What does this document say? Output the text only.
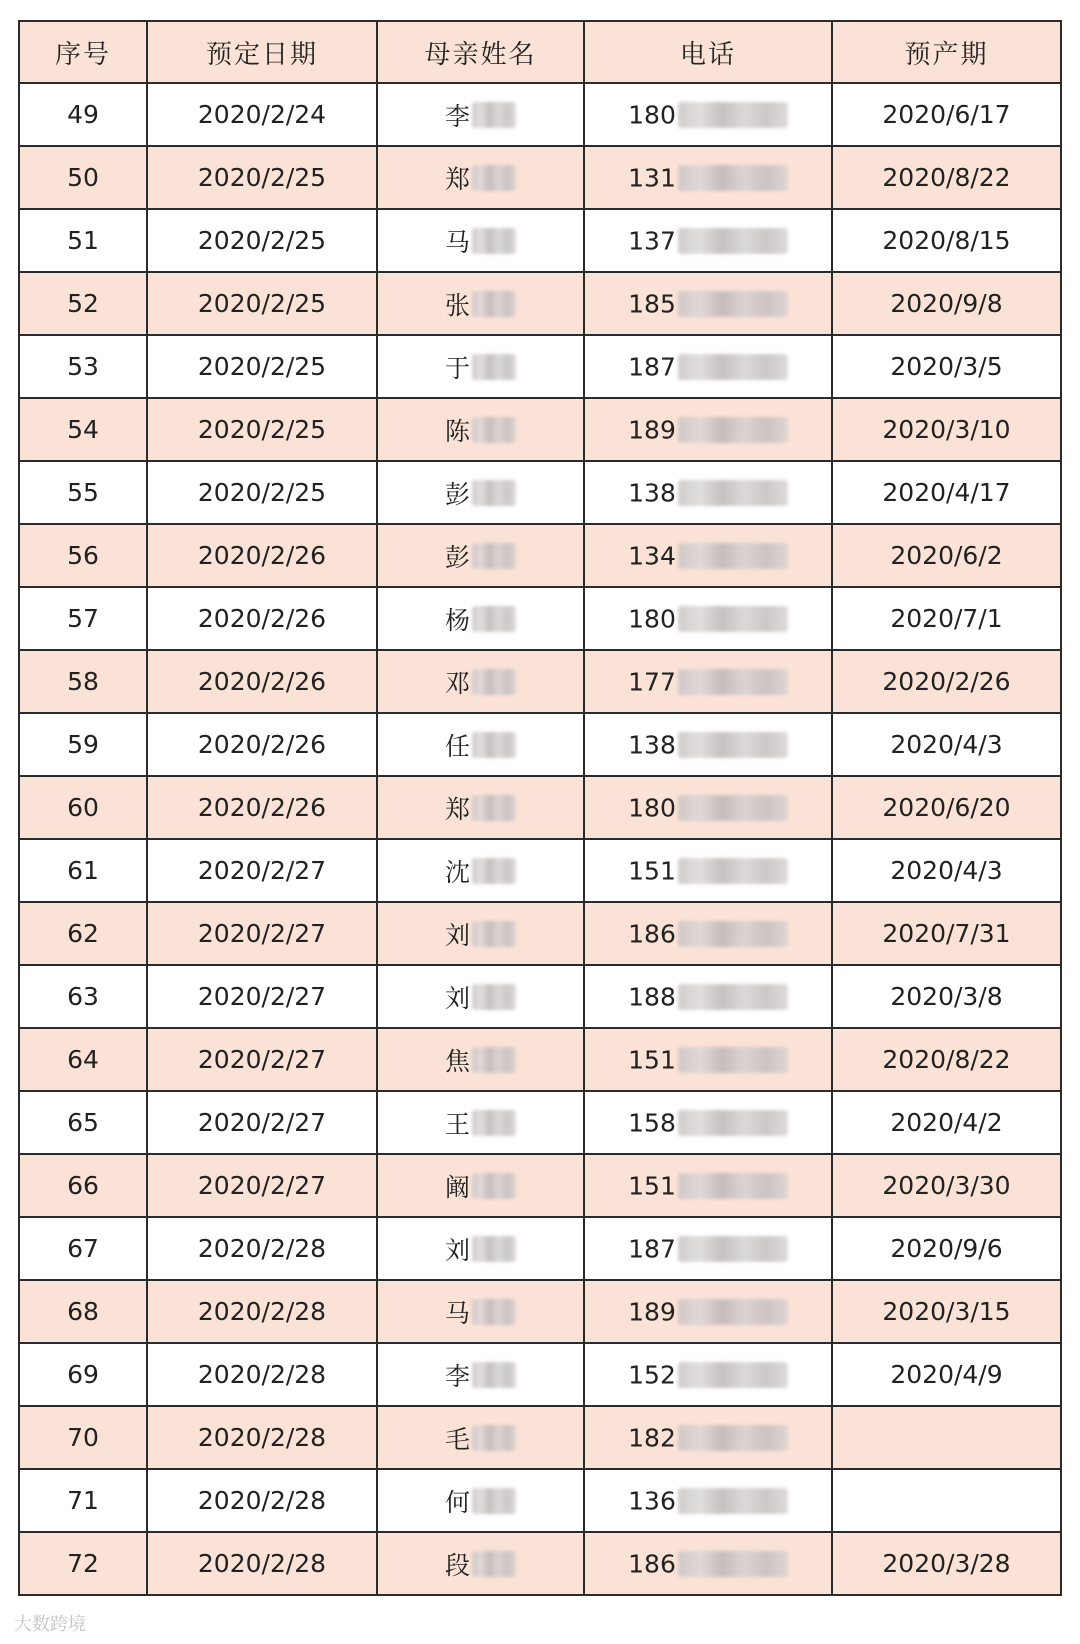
序号	预定日期	母亲姓名	电话	预产期
49	2020/2/24	李	180	2020/6/17
50	2020/2/25	郑	131	2020/8/22
51	2020/2/25	马	137	2020/8/15
52	2020/2/25	张	185	2020/9/8
53	2020/2/25	于	187	2020/3/5
54	2020/2/25	陈	189	2020/3/10
55	2020/2/25	彭	138	2020/4/17
56	2020/2/26	彭	134	2020/6/2
57	2020/2/26	杨	180	2020/7/1
58	2020/2/26	邓	177	2020/2/26
59	2020/2/26	任	138	2020/4/3
60	2020/2/26	郑	180	2020/6/20
61	2020/2/27	沈	151	2020/4/3
62	2020/2/27	刘	186	2020/7/31
63	2020/2/27	刘	188	2020/3/8
64	2020/2/27	焦	151	2020/8/22
65	2020/2/27	王	158	2020/4/2
66	2020/2/27	阚	151	2020/3/30
67	2020/2/28	刘	187	2020/9/6
68	2020/2/28	马	189	2020/3/15
69	2020/2/28	李	152	2020/4/9
70	2020/2/28	毛	182	
71	2020/2/28	何	136	
72	2020/2/28	段	186	2020/3/28
大数跨境
